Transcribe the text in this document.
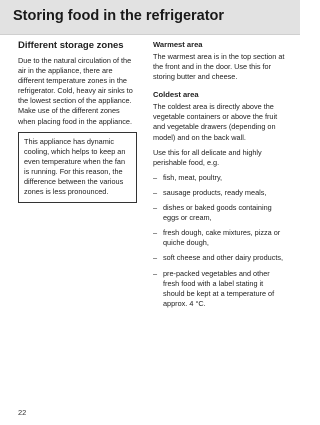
Storing food in the refrigerator
Different storage zones

Due to the natural circulation of the air in the appliance, there are different temperature zones in the refrigerator. Cold, heavy air sinks to the lowest section of the appliance. Make use of the different zones when placing food in the appliance.

This appliance has dynamic cooling, which helps to keep an even temperature when the fan is running. For this reason, the difference between the various zones is less pronounced.

Warmest area

The warmest area is in the top section at the front and in the door. Use this for storing butter and cheese.

Coldest area

The coldest area is directly above the vegetable containers or above the fruit and vegetable drawers (depending on model) and on the back wall.

Use this for all delicate and highly perishable food, e.g.

– fish, meat, poultry,
– sausage products, ready meals,
– dishes or baked goods containing eggs or cream,
– fresh dough, cake mixtures, pizza or quiche dough,
– soft cheese and other dairy products,
– pre-packed vegetables and other fresh food with a label stating it should be kept at a temperature of approx. 4 °C.
22
